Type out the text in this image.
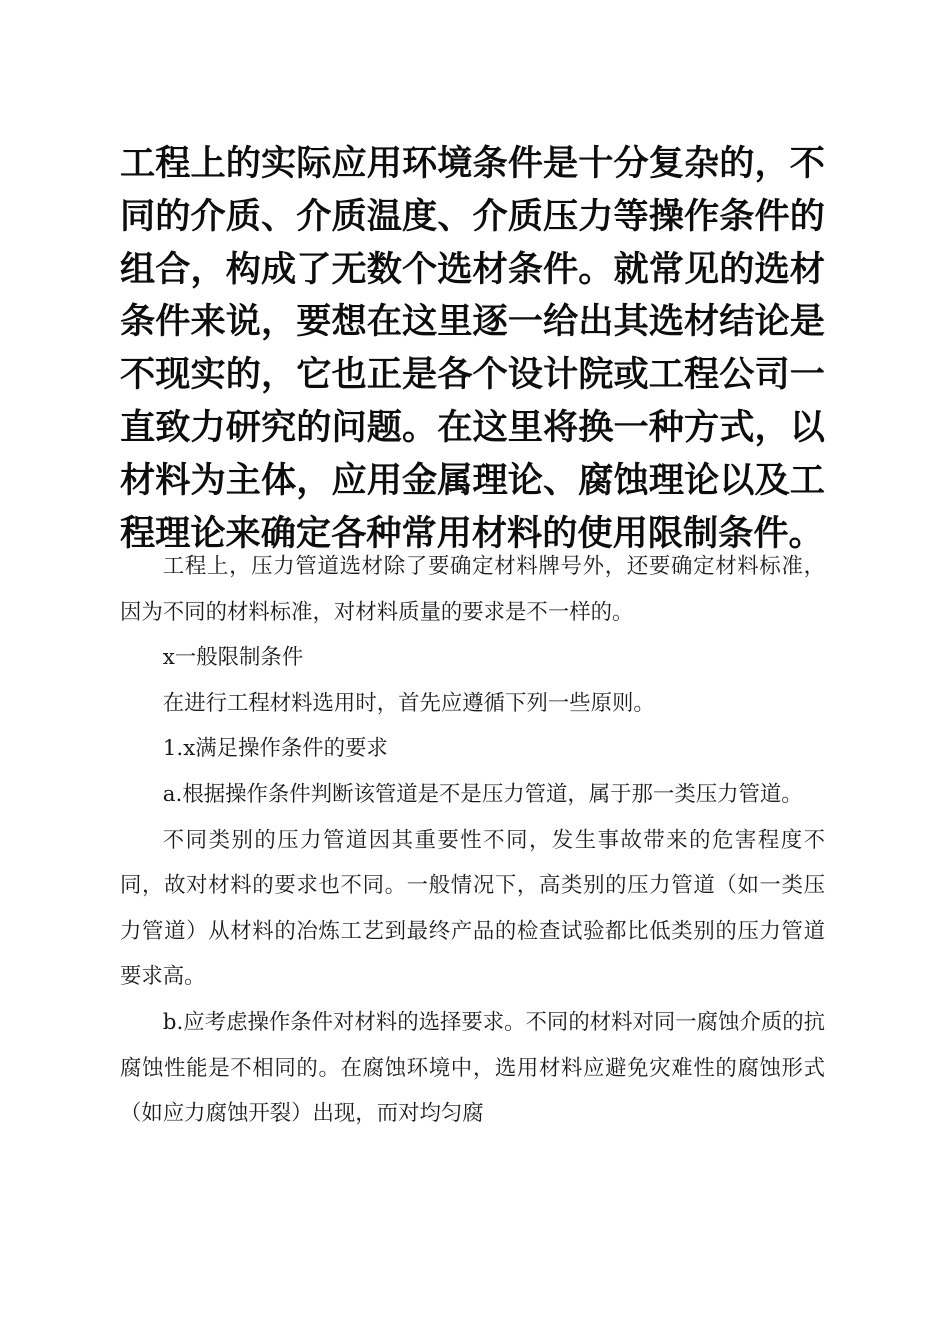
工程上的实际应用环境条件是十分复杂的，不同的介质、介质温度、介质压力等操作条件的组合，构成了无数个选材条件。就常见的选材条件来说，要想在这里逐一给出其选材结论是不现实的，它也正是各个设计院或工程公司一直致力研究的问题。在这里将换一种方式，以材料为主体，应用金属理论、腐蚀理论以及工程理论来确定各种常用材料的使用限制条件。

工程上，压力管道选材除了要确定材料牌号外，还要确定材料标准，因为不同的材料标准，对材料质量的要求是不一样的。

x一般限制条件

在进行工程材料选用时，首先应遵循下列一些原则。

1.x满足操作条件的要求

a.根据操作条件判断该管道是不是压力管道，属于那一类压力管道。

不同类别的压力管道因其重要性不同，发生事故带来的危害程度不同，故对材料的要求也不同。一般情况下，高类别的压力管道（如一类压力管道）从材料的冶炼工艺到最终产品的检查试验都比低类别的压力管道要求高。

b.应考虑操作条件对材料的选择要求。不同的材料对同一腐蚀介质的抗腐蚀性能是不相同的。在腐蚀环境中，选用材料应避免灾难性的腐蚀形式（如应力腐蚀开裂）出现，而对均匀腐
